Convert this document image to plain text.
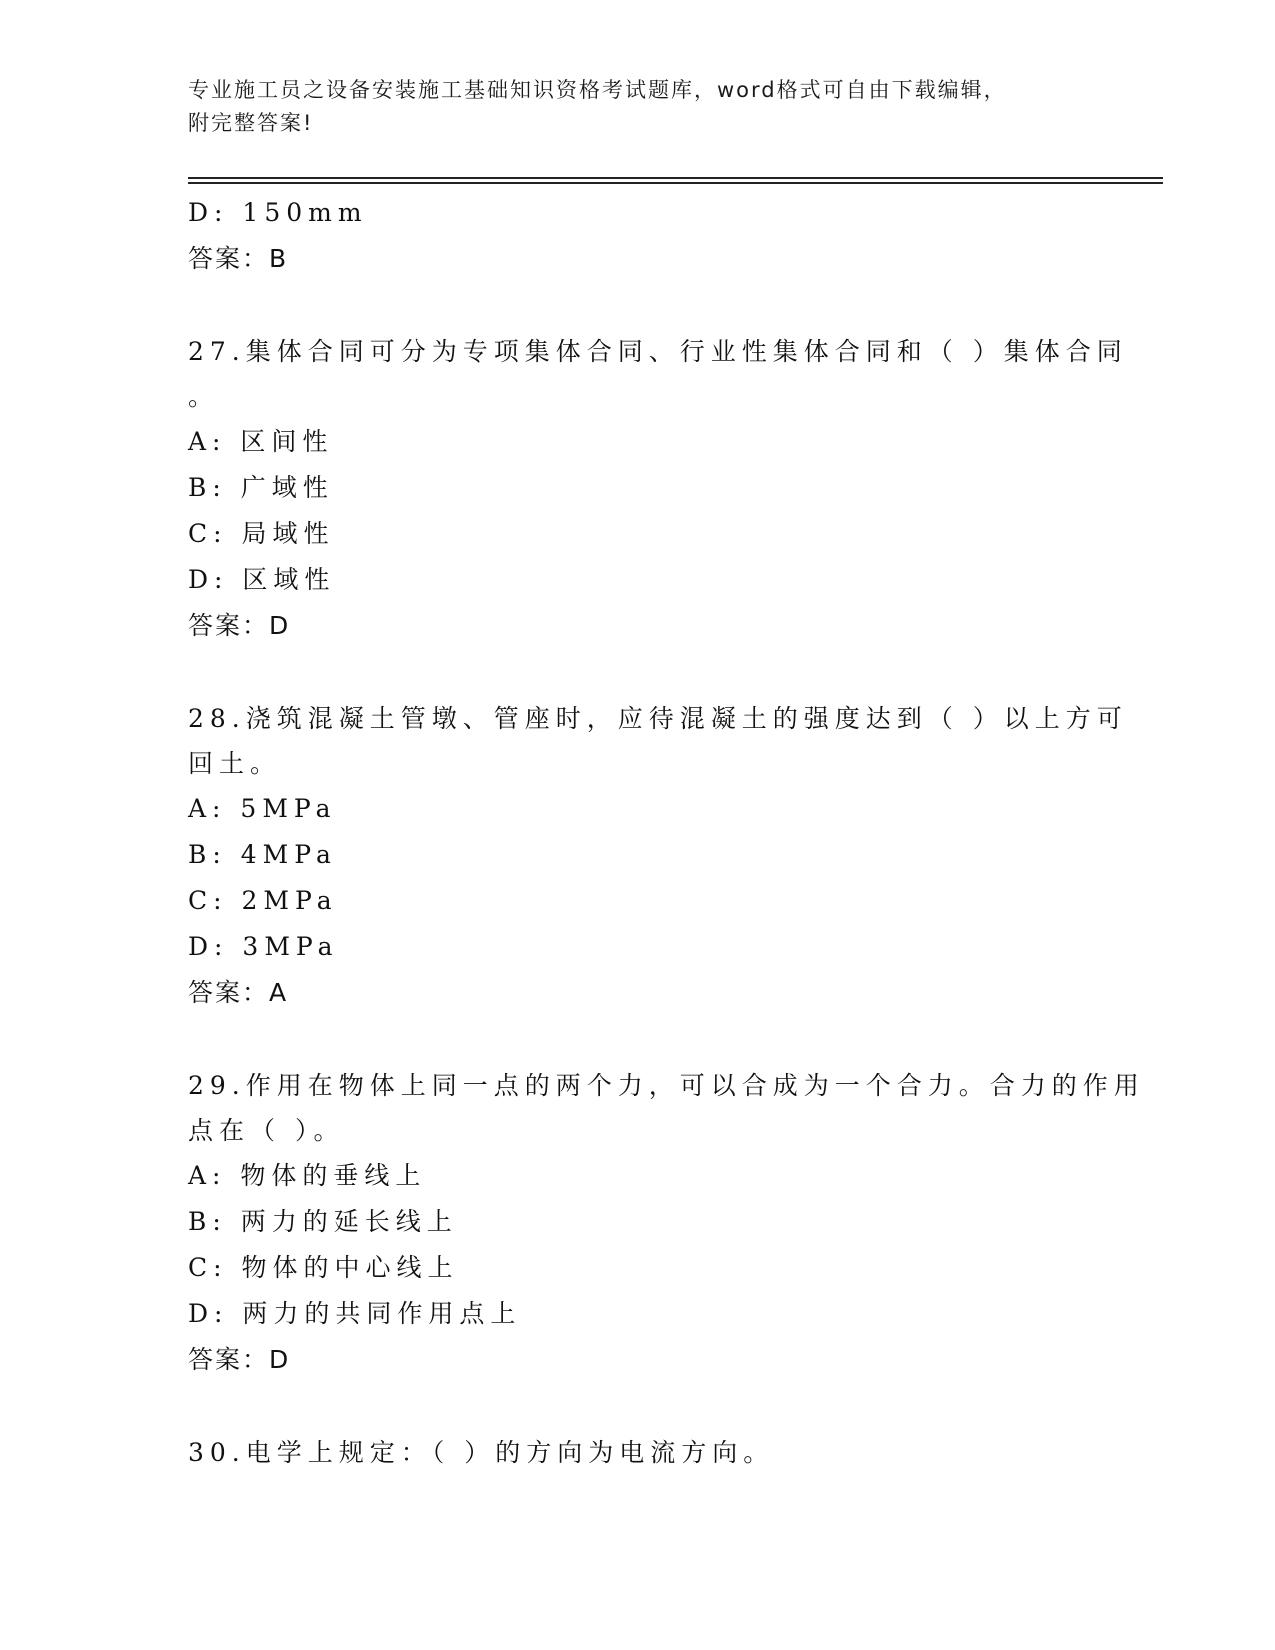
专业施工员之设备安装施工基础知识资格考试题库，word格式可自由下载编辑，
附完整答案!
D: 150mm
答案：B
27.集体合同可分为专项集体合同、行业性集体合同和（ ）集体合同
。
A: 区间性
B: 广域性
C: 局域性
D: 区域性
答案：D
28.浇筑混凝土管墩、管座时，应待混凝土的强度达到（ ）以上方可
回土。
A: 5MPa
B: 4MPa
C: 2MPa
D: 3MPa
答案：A
29.作用在物体上同一点的两个力，可以合成为一个合力。合力的作用
点在（ ）。
A: 物体的垂线上
B: 两力的延长线上
C: 物体的中心线上
D: 两力的共同作用点上
答案：D
30.电学上规定：（ ）的方向为电流方向。
